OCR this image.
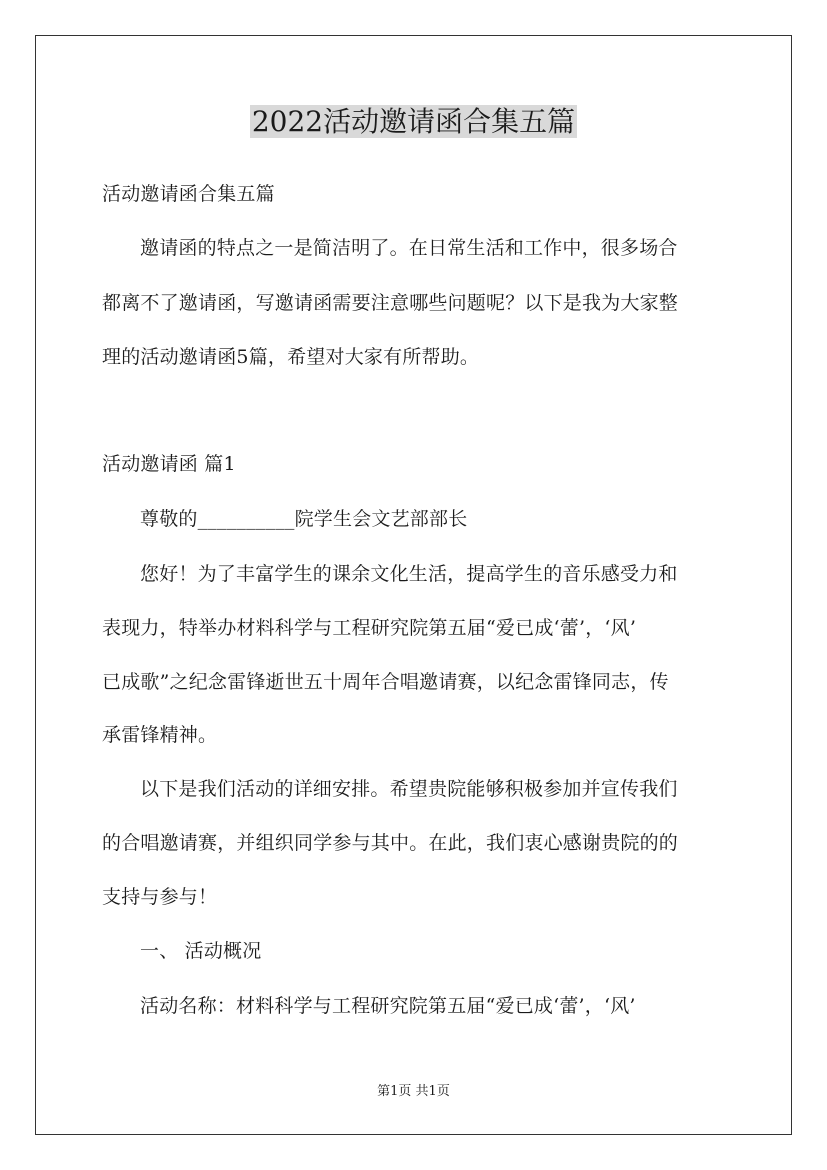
2022活动邀请函合集五篇

活动邀请函合集五篇

邀请函的特点之一是简洁明了。在日常生活和工作中，很多场合

都离不了邀请函，写邀请函需要注意哪些问题呢？以下是我为大家整

理的活动邀请函5篇，希望对大家有所帮助。

活动邀请函 篇1

尊敬的__________院学生会文艺部部长

您好！为了丰富学生的课余文化生活，提高学生的音乐感受力和

表现力，特举办材料科学与工程研究院第五届“爱已成‘蕾’，‘风’

已成歌”之纪念雷锋逝世五十周年合唱邀请赛，以纪念雷锋同志，传

承雷锋精神。

以下是我们活动的详细安排。希望贵院能够积极参加并宣传我们

的合唱邀请赛，并组织同学参与其中。在此，我们衷心感谢贵院的的

支持与参与！

一、 活动概况

活动名称：材料科学与工程研究院第五届“爱已成‘蕾’，‘风’

第1页 共1页
